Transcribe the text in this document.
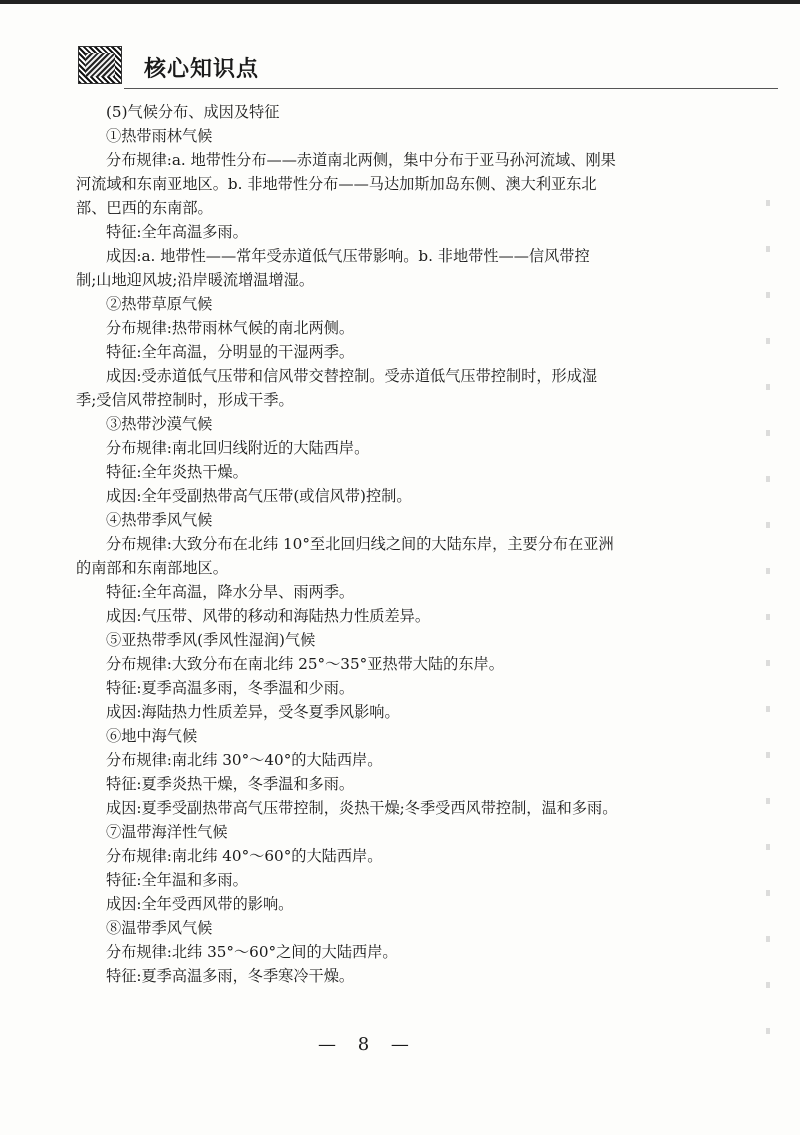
核心知识点
(5)气候分布、成因及特征
①热带雨林气候
分布规律:a. 地带性分布——赤道南北两侧，集中分布于亚马孙河流域、刚果
河流域和东南亚地区。b. 非地带性分布——马达加斯加岛东侧、澳大利亚东北
部、巴西的东南部。
特征:全年高温多雨。
成因:a. 地带性——常年受赤道低气压带影响。b. 非地带性——信风带控
制;山地迎风坡;沿岸暖流增温增湿。
②热带草原气候
分布规律:热带雨林气候的南北两侧。
特征:全年高温，分明显的干湿两季。
成因:受赤道低气压带和信风带交替控制。受赤道低气压带控制时，形成湿
季;受信风带控制时，形成干季。
③热带沙漠气候
分布规律:南北回归线附近的大陆西岸。
特征:全年炎热干燥。
成因:全年受副热带高气压带(或信风带)控制。
④热带季风气候
分布规律:大致分布在北纬 10°至北回归线之间的大陆东岸，主要分布在亚洲
的南部和东南部地区。
特征:全年高温，降水分旱、雨两季。
成因:气压带、风带的移动和海陆热力性质差异。
⑤亚热带季风(季风性湿润)气候
分布规律:大致分布在南北纬 25°～35°亚热带大陆的东岸。
特征:夏季高温多雨，冬季温和少雨。
成因:海陆热力性质差异，受冬夏季风影响。
⑥地中海气候
分布规律:南北纬 30°～40°的大陆西岸。
特征:夏季炎热干燥，冬季温和多雨。
成因:夏季受副热带高气压带控制，炎热干燥;冬季受西风带控制，温和多雨。
⑦温带海洋性气候
分布规律:南北纬 40°～60°的大陆西岸。
特征:全年温和多雨。
成因:全年受西风带的影响。
⑧温带季风气候
分布规律:北纬 35°～60°之间的大陆西岸。
特征:夏季高温多雨，冬季寒冷干燥。
— 8 —
